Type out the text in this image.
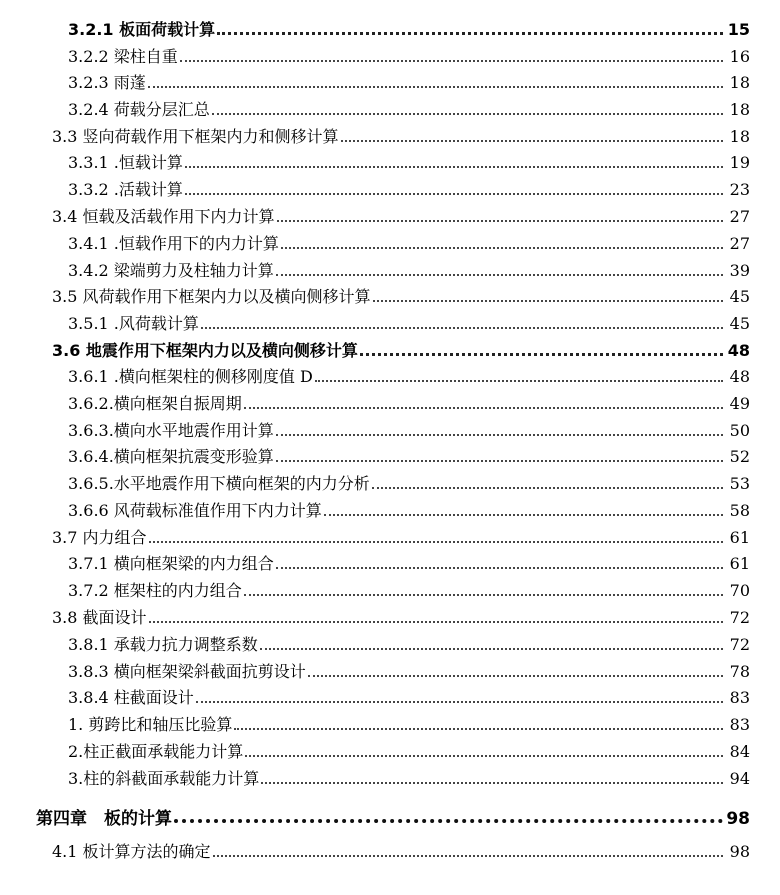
3.2.1 板面荷载计算	15
3.2.2 梁柱自重	16
3.2.3 雨蓬	18
3.2.4 荷载分层汇总	18
3.3 竖向荷载作用下框架内力和侧移计算	18
3.3.1 .恒载计算	19
3.3.2 .活载计算	23
3.4 恒载及活载作用下内力计算	27
3.4.1 .恒载作用下的内力计算	27
3.4.2 梁端剪力及柱轴力计算	39
3.5 风荷载作用下框架内力以及横向侧移计算	45
3.5.1 .风荷载计算	45
3.6 地震作用下框架内力以及横向侧移计算	48
3.6.1 .横向框架柱的侧移刚度值 D	48
3.6.2.横向框架自振周期	49
3.6.3.横向水平地震作用计算	50
3.6.4.横向框架抗震变形验算	52
3.6.5.水平地震作用下横向框架的内力分析	53
3.6.6 风荷载标准值作用下内力计算	58
3.7 内力组合	61
3.7.1 横向框架梁的内力组合	61
3.7.2 框架柱的内力组合	70
3.8 截面设计	72
3.8.1 承载力抗力调整系数	72
3.8.3 横向框架梁斜截面抗剪设计	78
3.8.4 柱截面设计	83
1. 剪跨比和轴压比验算	83
2.柱正截面承载能力计算	84
3.柱的斜截面承载能力计算	94
第四章　板的计算	98
4.1 板计算方法的确定	98
